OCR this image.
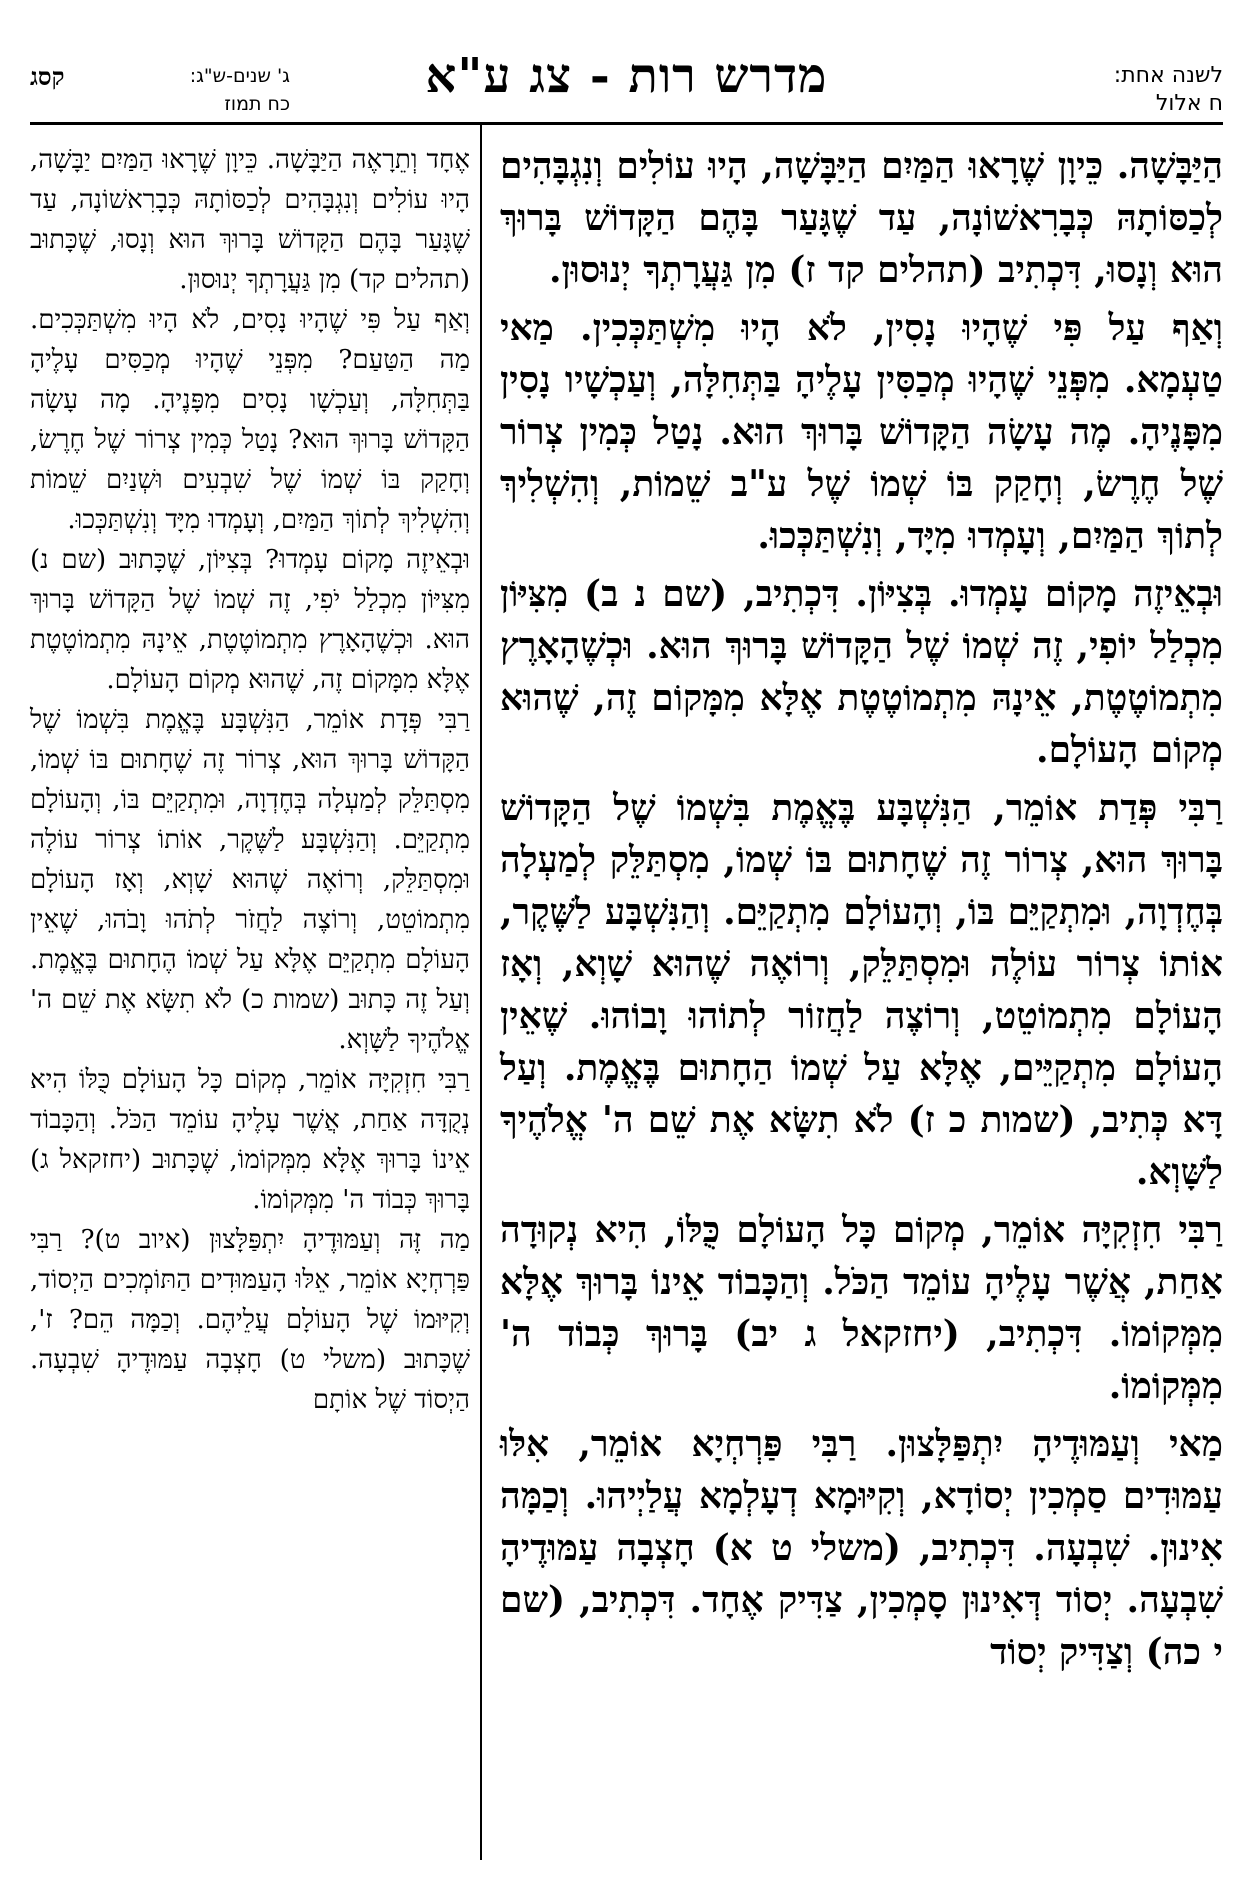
לשנה אחת:
ח אלול
מדרש רות - צג ע"א
קסג	ג' שנים-ש"ג:
כח תמוז

הַיַּבָּשָׁה. כֵּיוָן שֶׁרָאוּ הַמַּיִם הַיַּבָּשָׁה, הָיוּ עוֹלִים וְנִגְבָּהִים לְכַסּוֹתָהּ כְּבָרִאשׁוֹנָה, עַד שֶׁגָּעַר בָּהֶם הַקָּדוֹשׁ בָּרוּךְ הוּא וְנָסוּ, דִּכְתִיב (תהלים קד ז) מִן גַּעֲרָתְךָ יְנוּסוּן.

וְאַף עַל פִּי שֶׁהָיוּ נָסִין, לֹא הָיוּ מִשְׁתַּכְּכִין. מַאי טַעְמָא. מִפְּנֵי שֶׁהָיוּ מְכַסִּין עָלֶיהָ בַּתְּחִלָּה, וְעַכְשָׁיו נָסִין מִפָּנֶיהָ. מֶה עָשָׂה הַקָּדוֹשׁ בָּרוּךְ הוּא. נָטַל כְּמִין צְרוֹר שֶׁל חֶרֶשׂ, וְחָקַק בּוֹ שְׁמוֹ שֶׁל ע"ב שֵׁמוֹת, וְהִשְׁלִיךְ לְתוֹךְ הַמַּיִם, וְעָמְדוּ מִיָּד, וְנִשְׁתַּכְּכוּ.

וּבְאֵיזֶה מָקוֹם עָמְדוּ. בְּצִיּוֹן. דִּכְתִיב, (שם נ ב) מִצִּיּוֹן מִכְלַל יוֹפִי, זֶה שְׁמוֹ שֶׁל הַקָּדוֹשׁ בָּרוּךְ הוּא. וּכְשֶׁהָאָרֶץ מִתְמוֹטֶטֶת, אֵינָהּ מִתְמוֹטֶטֶת אֶלָּא מִמָּקוֹם זֶה, שֶׁהוּא מְקוֹם הָעוֹלָם.

רַבִּי פְּדַת אוֹמֵר, הַנִּשְׁבָּע בֶּאֱמֶת בִּשְׁמוֹ שֶׁל הַקָּדוֹשׁ בָּרוּךְ הוּא, צְרוֹר זֶה שֶׁחָתוּם בּוֹ שְׁמוֹ, מִסְתַּלֵּק לְמַעְלָה בְּחֶדְוָה, וּמִתְקַיֵּם בּוֹ, וְהָעוֹלָם מִתְקַיֵּם. וְהַנִּשְׁבָּע לַשֶּׁקֶר, אוֹתוֹ צְרוֹר עוֹלֶה וּמִסְתַּלֵּק, וְרוֹאֶה שֶׁהוּא שָׁוְא, וְאָז הָעוֹלָם מִתְמוֹטֵט, וְרוֹצֶה לַחֲזוֹר לְתוֹהוּ וָבוֹהוּ. שֶׁאֵין הָעוֹלָם מִתְקַיֵּים, אֶלָּא עַל שְׁמוֹ הַחָתוּם בֶּאֱמֶת. וְעַל דָּא כְּתִיב, (שמות כ ז) לֹא תִשָּׂא אֶת שֵׁם ה' אֱלֹהֶיךָ לַשָּׁוְא.

רַבִּי חִזְקִיָּה אוֹמֵר, מְקוֹם כָּל הָעוֹלָם כֻּלּוֹ, הִיא נְקוּדָה אַחַת, אֲשֶׁר עָלֶיהָ עוֹמֵד הַכֹּל. וְהַכָּבוֹד אֵינוֹ בָּרוּךְ אֶלָּא מִמְּקוֹמוֹ. דִּכְתִיב, (יחזקאל ג יב) בָּרוּךְ כְּבוֹד ה' מִמְּקוֹמוֹ.

מַאי וְעַמּוּדֶיהָ יִתְפַּלָּצוּן. רַבִּי פַּרְחְיָא אוֹמֵר, אִלּוּ עַמּוּדִים סַמְכִין יְסוֹדָא, וְקִיּוּמָא דְעָלְמָא עֲלַיְיהוּ. וְכַמָּה אִינוּן. שִׁבְעָה. דִּכְתִיב, (משלי ט א) חָצְבָה עַמּוּדֶיהָ שִׁבְעָה. יְסוֹד דְּאִינוּן סָמְכִין, צַדִּיק אֶחָד. דִּכְתִיב, (שם י כה) וְצַדִּיק יְסוֹד

אֶחָד וְתֵרָאֶה הַיַּבָּשָׁה. כֵּיוָן שֶׁרָאוּ הַמַּיִם יַבָּשָׁה, הָיוּ עוֹלִים וְנִגְבָּהִים לְכַסּוֹתָהּ כְּבָרִאשׁוֹנָה, עַד שֶׁגָּעַר בָּהֶם הַקָּדוֹשׁ בָּרוּךְ הוּא וְנָסוּ, שֶׁכָּתוּב (תהלים קד) מִן גַּעֲרָתְךָ יְנוּסוּן.

וְאַף עַל פִּי שֶׁהָיוּ נָסִים, לֹא הָיוּ מִשְׁתַּכְּכִים. מַה הַטַּעַם? מִפְּנֵי שֶׁהָיוּ מְכַסִּים עָלֶיהָ בַּתְּחִלָּה, וְעַכְשָׁו נָסִים מִפָּנֶיהָ. מָה עָשָׂה הַקָּדוֹשׁ בָּרוּךְ הוּא? נָטַל כְּמִין צְרוֹר שֶׁל חֶרֶשׂ, וְחָקַק בּוֹ שְׁמוֹ שֶׁל שִׁבְעִים וּשְׁנַיִם שֵׁמוֹת וְהִשְׁלִיךְ לְתוֹךְ הַמַּיִם, וְעָמְדוּ מִיָּד וְנִשְׁתַּכְּכוּ.

וּבְאֵיזֶה מָקוֹם עָמְדוּ? בְּצִיּוֹן, שֶׁכָּתוּב (שם נ) מִצִּיּוֹן מִכְלַל יֹפִי, זֶה שְׁמוֹ שֶׁל הַקָּדוֹשׁ בָּרוּךְ הוּא. וּכְשֶׁהָאָרֶץ מִתְמוֹטֶטֶת, אֵינָהּ מִתְמוֹטֶטֶת אֶלָּא מִמָּקוֹם זֶה, שֶׁהוּא מְקוֹם הָעוֹלָם.

רַבִּי פְּדָת אוֹמֵר, הַנִּשְׁבָּע בֶּאֱמֶת בִּשְׁמוֹ שֶׁל הַקָּדוֹשׁ בָּרוּךְ הוּא, צְרוֹר זֶה שֶׁחָתוּם בּוֹ שְׁמוֹ, מִסְתַּלֵּק לְמַעְלָה בְּחֶדְוָה, וּמִתְקַיֵּם בּוֹ, וְהָעוֹלָם מִתְקַיֵּם. וְהַנִּשְׁבָּע לַשֶּׁקֶר, אוֹתוֹ צְרוֹר עוֹלֶה וּמִסְתַּלֵּק, וְרוֹאֶה שֶׁהוּא שָׁוְא, וְאָז הָעוֹלָם מִתְמוֹטֵט, וְרוֹצֶה לַחֲזֹר לְתֹהוּ וָבֹהוּ, שֶׁאֵין הָעוֹלָם מִתְקַיֵּם אֶלָּא עַל שְׁמוֹ הֶחָתוּם בֶּאֱמֶת. וְעַל זֶה כָּתוּב (שמות כ) לֹא תִשָּׂא אֶת שֵׁם ה' אֱלֹהֶיךָ לַשָּׁוְא.

רַבִּי חִזְקִיָּה אוֹמֵר, מְקוֹם כָּל הָעוֹלָם כֻּלּוֹ הִיא נְקֻדָּה אַחַת, אֲשֶׁר עָלֶיהָ עוֹמֵד הַכֹּל. וְהַכָּבוֹד אֵינוֹ בָּרוּךְ אֶלָּא מִמְּקוֹמוֹ, שֶׁכָּתוּב (יחזקאל ג) בָּרוּךְ כְּבוֹד ה' מִמְּקוֹמוֹ.

מַה זֶּה וְעַמּוּדֶיהָ יִתְפַּלָּצוּן (איוב ט)? רַבִּי פַּרְחְיָא אוֹמֵר, אֵלּוּ הָעַמּוּדִים הַתּוֹמְכִים הַיְסוֹד, וְקִיּוּמוֹ שֶׁל הָעוֹלָם עֲלֵיהֶם. וְכַמָּה הֵם? ז', שֶׁכָּתוּב (משלי ט) חָצְבָה עַמּוּדֶיהָ שִׁבְעָה. הַיְסוֹד שֶׁל אוֹתָם
